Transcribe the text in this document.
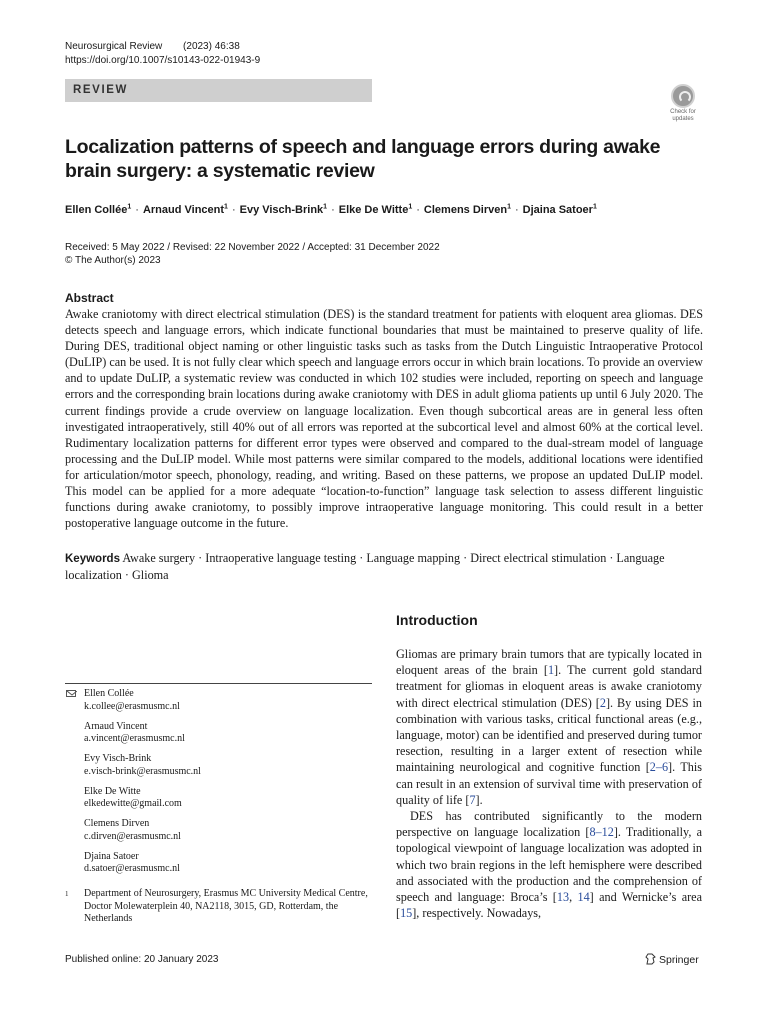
Neurosurgical Review (2023) 46:38
https://doi.org/10.1007/s10143-022-01943-9
REVIEW
Check for
updates
Localization patterns of speech and language errors during awake
brain surgery: a systematic review
Ellen Collée$^1$ · Arnaud Vincent$^1$ · Evy Visch-Brink$^1$ · Elke De Witte$^1$ · Clemens Dirven$^1$ · Djaina Satoer$^1$
Received: 5 May 2022 / Revised: 22 November 2022 / Accepted: 31 December 2022
© The Author(s) 2023
Abstract

Awake craniotomy with direct electrical stimulation (DES) is the standard treatment for patients with eloquent area gliomas. DES detects speech and language errors, which indicate functional boundaries that must be maintained to preserve quality of life. During DES, traditional object naming or other linguistic tasks such as tasks from the Dutch Linguistic Intraoperative Protocol (DuLIP) can be used. It is not fully clear which speech and language errors occur in which brain locations. To provide an overview and to update DuLIP, a systematic review was conducted in which 102 studies were included, reporting on speech and language errors and the corresponding brain locations during awake craniotomy with DES in adult glioma patients up until 6 July 2020. The current findings provide a crude overview on language localization. Even though subcortical areas are in general less often investigated intraoperatively, still 40% out of all errors was reported at the subcortical level and almost 60% at the cortical level. Rudimentary localization patterns for different error types were observed and compared to the dual-stream model of language processing and the DuLIP model. While most patterns were similar compared to the models, additional locations were identified for articulation/motor speech, phonology, reading, and writing. Based on these patterns, we propose an updated DuLIP model. This model can be applied for a more adequate “location-to-function” language task selection to assess different linguistic functions during awake craniotomy, to possibly improve intraoperative language monitoring. This could result in a better postoperative language outcome in the future.

Keywords Awake surgery · Intraoperative language testing · Language mapping · Direct electrical stimulation · Language localization · Glioma
Introduction

Gliomas are primary brain tumors that are typically located in eloquent areas of the brain [1]. The current gold standard treatment for gliomas in eloquent areas is awake craniotomy with direct electrical stimulation (DES) [2]. By using DES in combination with various tasks, critical functional areas (e.g., language, motor) can be identified and preserved during tumor resection, resulting in a larger extent of resection while maintaining neurological and cognitive function [2–6]. This can result in an extension of survival time with preservation of quality of life [7].

DES has contributed significantly to the modern perspective on language localization [8–12]. Traditionally, a topological viewpoint of language localization was adopted in which two brain regions in the left hemisphere were described and associated with the production and the comprehension of speech and language: Broca’s [13, 14] and Wernicke’s area [15], respectively. Nowadays,

Ellen Collée
k.collee@erasmusmc.nl
Arnaud Vincent
a.vincent@erasmusmc.nl
Evy Visch-Brink
e.visch-brink@erasmusmc.nl
Elke De Witte
elkedewitte@gmail.com
Clemens Dirven
c.dirven@erasmusmc.nl
Djaina Satoer
d.satoer@erasmusmc.nl
1	Department of Neurosurgery, Erasmus MC University Medical Centre, Doctor Molewaterplein 40, NA2118, 3015, GD, Rotterdam, the Netherlands
Published online: 20 January 2023	Springer
